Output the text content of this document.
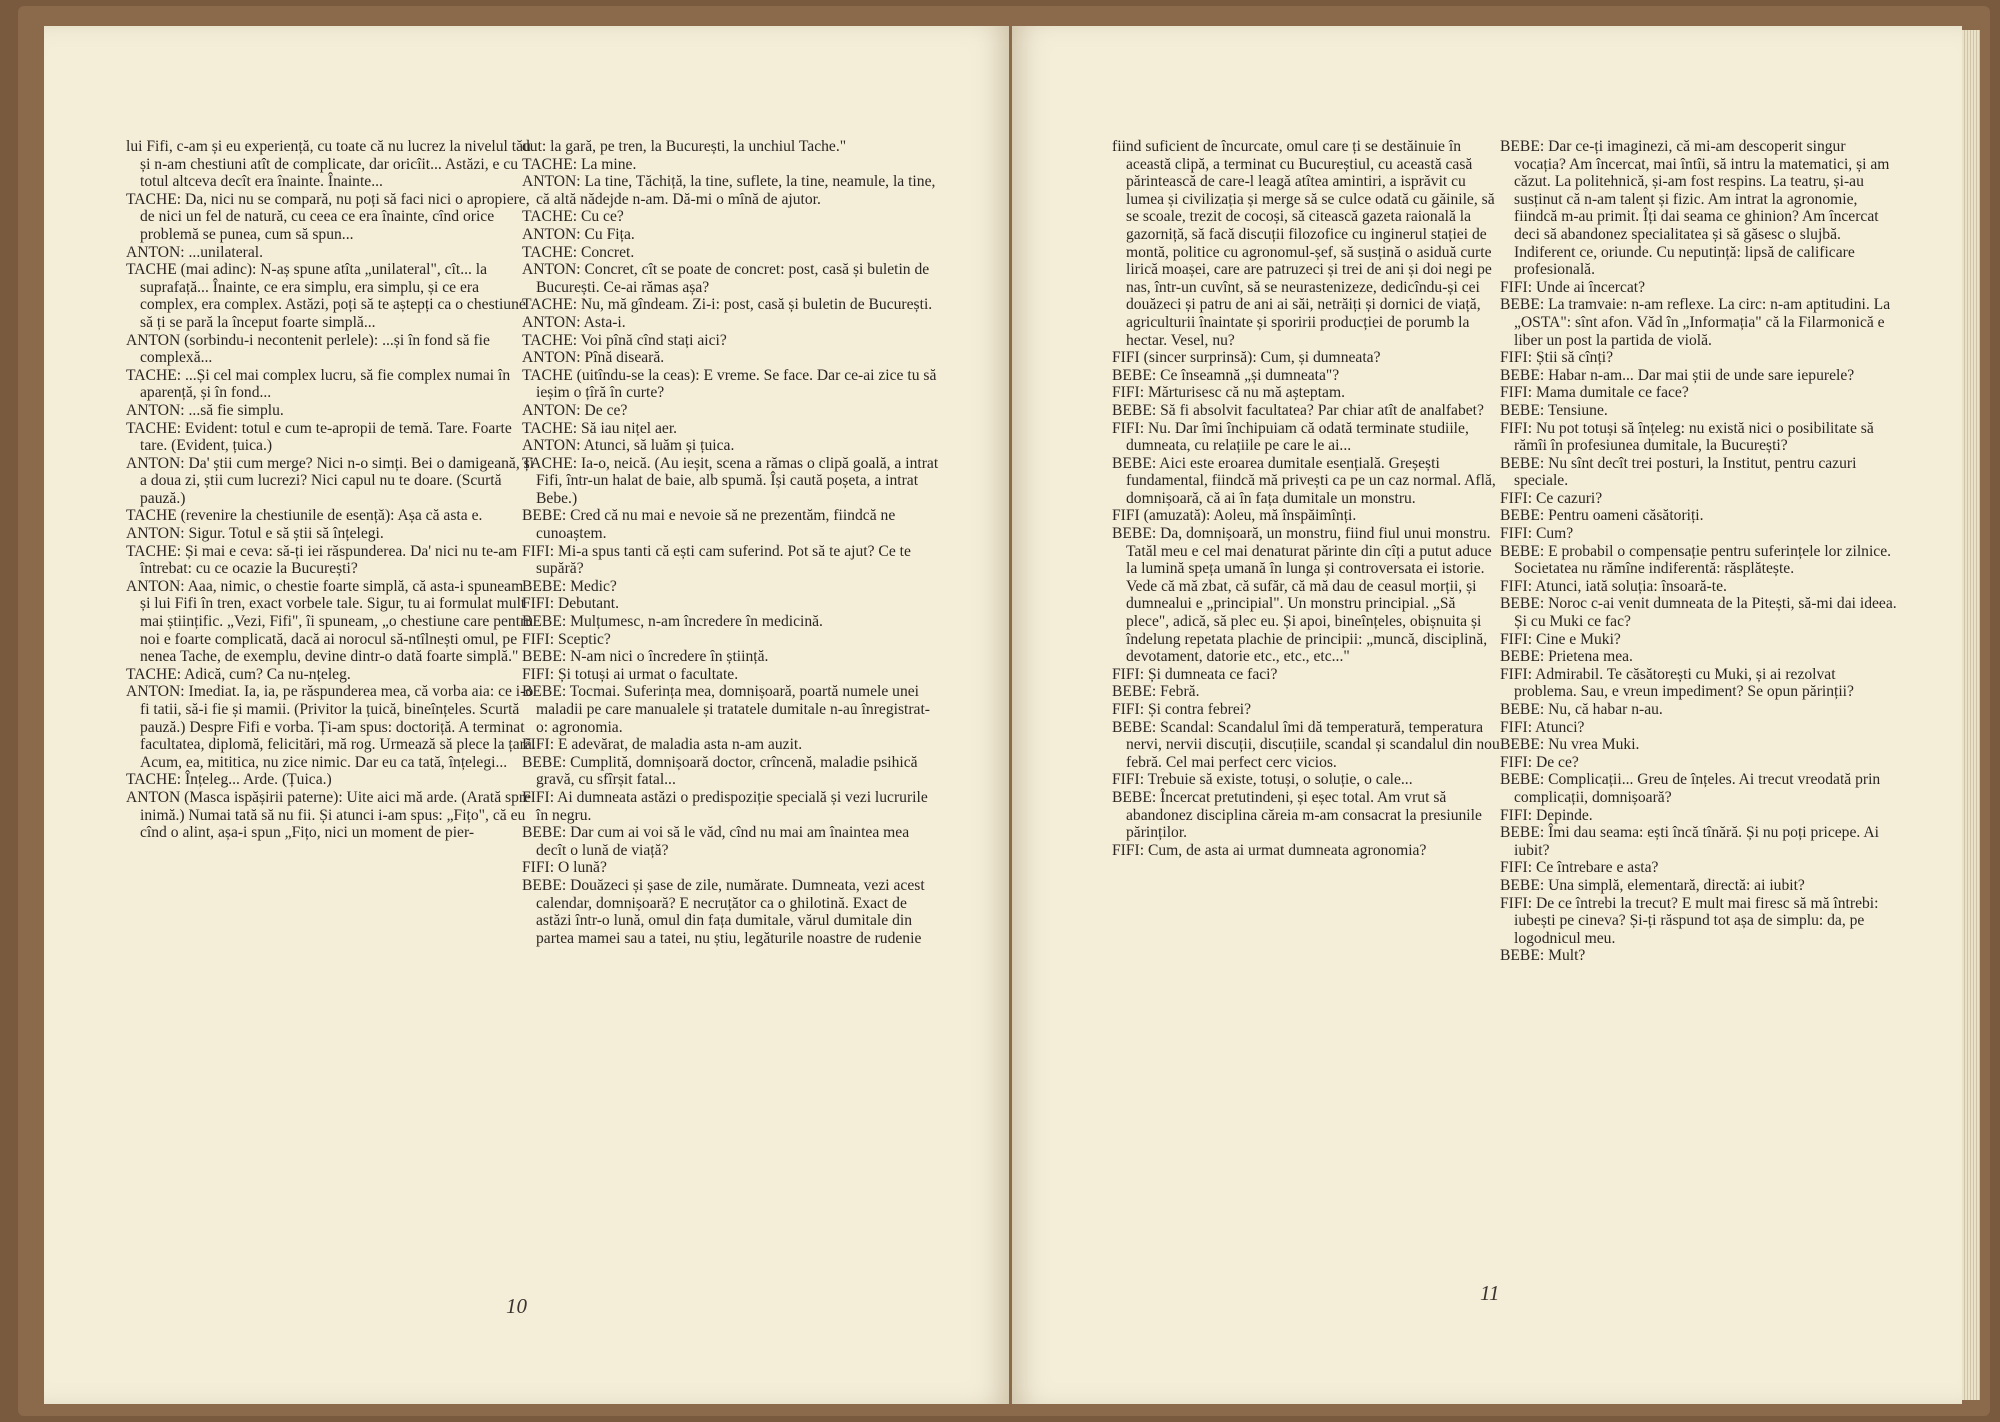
lui Fifi, c-am și eu experiență, cu toate că nu lucrez la nivelul tău și n-am chestiuni atît de complicate, dar oricîit... Astăzi, e cu totul altceva decît era înainte. Înainte...

TACHE: Da, nici nu se compară, nu poți să faci nici o apropiere, de nici un fel de natură, cu ceea ce era înainte, cînd orice problemă se punea, cum să spun...

ANTON: ...unilateral.

TACHE (mai adinc): N-aș spune atîta „unilateral", cît... la suprafață... Înainte, ce era simplu, era simplu, și ce era complex, era complex. Astăzi, poți să te aștepți ca o chestiune să ți se pară la început foarte simplă...

ANTON (sorbindu-i necontenit perlele): ...și în fond să fie complexă...

TACHE: ...Și cel mai complex lucru, să fie complex numai în aparență, și în fond...

ANTON: ...să fie simplu.

TACHE: Evident: totul e cum te-apropii de temă. Tare. Foarte tare. (Evident, țuica.)

ANTON: Da' știi cum merge? Nici n-o simți. Bei o damigeană, și a doua zi, știi cum lucrezi? Nici capul nu te doare. (Scurtă pauză.)

TACHE (revenire la chestiunile de esență): Așa că asta e.

ANTON: Sigur. Totul e să știi să înțelegi.

TACHE: Și mai e ceva: să-ți iei răspunderea. Da' nici nu te-am întrebat: cu ce ocazie la București?

ANTON: Aaa, nimic, o chestie foarte simplă, că asta-i spuneam și lui Fifi în tren, exact vorbele tale. Sigur, tu ai formulat mult mai științific. „Vezi, Fifi", îi spuneam, „o chestiune care pentru noi e foarte complicată, dacă ai norocul să-ntîlnești omul, pe nenea Tache, de exemplu, devine dintr-o dată foarte simplă."

TACHE: Adică, cum? Ca nu-nțeleg.

ANTON: Imediat. Ia, ia, pe răspunderea mea, că vorba aia: ce i-o fi tatii, să-i fie și mamii. (Privitor la țuică, bineînțeles. Scurtă pauză.) Despre Fifi e vorba. Ți-am spus: doctoriță. A terminat facultatea, diplomă, felicitări, mă rog. Urmează să plece la țară. Acum, ea, mititica, nu zice nimic. Dar eu ca tată, înțelegi...

TACHE: Înțeleg... Arde. (Țuica.)

ANTON (Masca ispășirii paterne): Uite aici mă arde. (Arată spre inimă.) Numai tată să nu fii. Și atunci i-am spus: „Fițo", că eu cînd o alint, așa-i spun „Fițo, nici un moment de pier-

dut: la gară, pe tren, la București, la unchiul Tache."

TACHE: La mine.

ANTON: La tine, Tăchiță, la tine, suflete, la tine, neamule, la tine, că altă nădejde n-am. Dă-mi o mînă de ajutor.

TACHE: Cu ce?

ANTON: Cu Fița.

TACHE: Concret.

ANTON: Concret, cît se poate de concret: post, casă și buletin de București. Ce-ai rămas așa?

TACHE: Nu, mă gîndeam. Zi-i: post, casă și buletin de București.

ANTON: Asta-i.

TACHE: Voi pînă cînd stați aici?

ANTON: Pînă diseară.

TACHE (uitîndu-se la ceas): E vreme. Se face. Dar ce-ai zice tu să ieșim o țîră în curte?

ANTON: De ce?

TACHE: Să iau nițel aer.

ANTON: Atunci, să luăm și țuica.

TACHE: Ia-o, neică. (Au ieșit, scena a rămas o clipă goală, a intrat Fifi, într-un halat de baie, alb spumă. Își caută poșeta, a intrat Bebe.)

BEBE: Cred că nu mai e nevoie să ne prezentăm, fiindcă ne cunoaștem.

FIFI: Mi-a spus tanti că ești cam suferind. Pot să te ajut? Ce te supără?

BEBE: Medic?

FIFI: Debutant.

BEBE: Mulțumesc, n-am încredere în medicină.

FIFI: Sceptic?

BEBE: N-am nici o încredere în știință.

FIFI: Și totuși ai urmat o facultate.

BEBE: Tocmai. Suferința mea, domnișoară, poartă numele unei maladii pe care manualele și tratatele dumitale n-au înregistrat-o: agronomia.

FIFI: E adevărat, de maladia asta n-am auzit.

BEBE: Cumplită, domnișoară doctor, crîncenă, maladie psihică gravă, cu sfîrșit fatal...

FIFI: Ai dumneata astăzi o predispoziție specială și vezi lucrurile în negru.

BEBE: Dar cum ai voi să le văd, cînd nu mai am înaintea mea decît o lună de viață?

FIFI: O lună?

BEBE: Douăzeci și șase de zile, numărate. Dumneata, vezi acest calendar, domnișoară? E necruțător ca o ghilotină. Exact de astăzi într-o lună, omul din fața dumitale, vărul dumitale din partea mamei sau a tatei, nu știu, legăturile noastre de rudenie

10

fiind suficient de încurcate, omul care ți se destăinuie în această clipă, a terminat cu Bucureștiul, cu această casă părintească de care-l leagă atîtea amintiri, a isprăvit cu lumea și civilizația și merge să se culce odată cu găinile, să se scoale, trezit de cocoși, să citească gazeta raională la gazorniță, să facă discuții filozofice cu inginerul stației de montă, politice cu agronomul-șef, să susțină o asiduă curte lirică moașei, care are patruzeci și trei de ani și doi negi pe nas, într-un cuvînt, să se neurastenizeze, dedicîndu-și cei douăzeci și patru de ani ai săi, netrăiți și dornici de viață, agriculturii înaintate și sporirii producției de porumb la hectar. Vesel, nu?

FIFI (sincer surprinsă): Cum, și dumneata?

BEBE: Ce înseamnă „și dumneata"?

FIFI: Mărturisesc că nu mă așteptam.

BEBE: Să fi absolvit facultatea? Par chiar atît de analfabet?

FIFI: Nu. Dar îmi închipuiam că odată terminate studiile, dumneata, cu relațiile pe care le ai...

BEBE: Aici este eroarea dumitale esențială. Greșești fundamental, fiindcă mă privești ca pe un caz normal. Află, domnișoară, că ai în fața dumitale un monstru.

FIFI (amuzată): Aoleu, mă înspăimînți.

BEBE: Da, domnișoară, un monstru, fiind fiul unui monstru. Tatăl meu e cel mai denaturat părinte din cîți a putut aduce la lumină spețа umană în lunga și controversata ei istorie. Vede că mă zbat, că sufăr, că mă dau de ceasul morții, și dumnealui e „principial". Un monstru principial. „Să plece", adică, să plec eu. Și apoi, bineînțeles, obișnuita și îndelung repetata plachie de principii: „muncă, disciplină, devotament, datorie etc., etc., etc..."

FIFI: Și dumneata ce faci?

BEBE: Febră.

FIFI: Și contra febrei?

BEBE: Scandal: Scandalul îmi dă temperatură, temperatura nervi, nervii discuții, discuțiile, scandal și scandalul din nou febră. Cel mai perfect cerc vicios.

FIFI: Trebuie să existe, totuși, o soluție, o cale...

BEBE: Încercat pretutindeni, și eșec total. Am vrut să abandonez disciplina căreia m-am consacrat la presiunile părinților.

FIFI: Cum, de asta ai urmat dumneata agronomia?

BEBE: Dar ce-ți imaginezi, că mi-am descoperit singur vocația? Am încercat, mai întîi, să intru la matematici, și am căzut. La politehnică, și-am fost respins. La teatru, și-au susținut că n-am talent și fizic. Am intrat la agronomie, fiindcă m-au primit. Îți dai seama ce ghinion? Am încercat deci să abandonez specialitatea și să găsesc o slujbă. Indiferent ce, oriunde. Cu neputință: lipsă de calificare profesională.

FIFI: Unde ai încercat?

BEBE: La tramvaie: n-am reflexe. La circ: n-am aptitudini. La „OSTA": sînt afon. Văd în „Informația" că la Filarmonică e liber un post la partida de violă.

FIFI: Știi să cînți?

BEBE: Habar n-am... Dar mai știi de unde sare iepurele?

FIFI: Mama dumitale ce face?

BEBE: Tensiune.

FIFI: Nu pot totuși să înțeleg: nu există nici o posibilitate să rămîi în profesiunea dumitale, la București?

BEBE: Nu sînt decît trei posturi, la Institut, pentru cazuri speciale.

FIFI: Ce cazuri?

BEBE: Pentru oameni căsătoriți.

FIFI: Cum?

BEBE: E probabil o compensație pentru suferințele lor zilnice. Societatea nu rămîne indiferentă: răsplătește.

FIFI: Atunci, iată soluția: însoară-te.

BEBE: Noroc c-ai venit dumneata de la Pitești, să-mi dai ideea. Și cu Muki ce fac?

FIFI: Cine e Muki?

BEBE: Prietena mea.

FIFI: Admirabil. Te căsătorești cu Muki, și ai rezolvat problema. Sau, e vreun impediment? Se opun părinții?

BEBE: Nu, că habar n-au.

FIFI: Atunci?

BEBE: Nu vrea Muki.

FIFI: De ce?

BEBE: Complicații... Greu de înțeles. Ai trecut vreodată prin complicații, domnișoară?

FIFI: Depinde.

BEBE: Îmi dau seama: ești încă tînără. Și nu poți pricepe. Ai iubit?

FIFI: Ce întrebare e asta?

BEBE: Una simplă, elementară, directă: ai iubit?

FIFI: De ce întrebi la trecut? E mult mai firesc să mă întrebi: iubești pe cineva? Și-ți răspund tot așa de simplu: da, pe logodnicul meu.

BEBE: Mult?

11
